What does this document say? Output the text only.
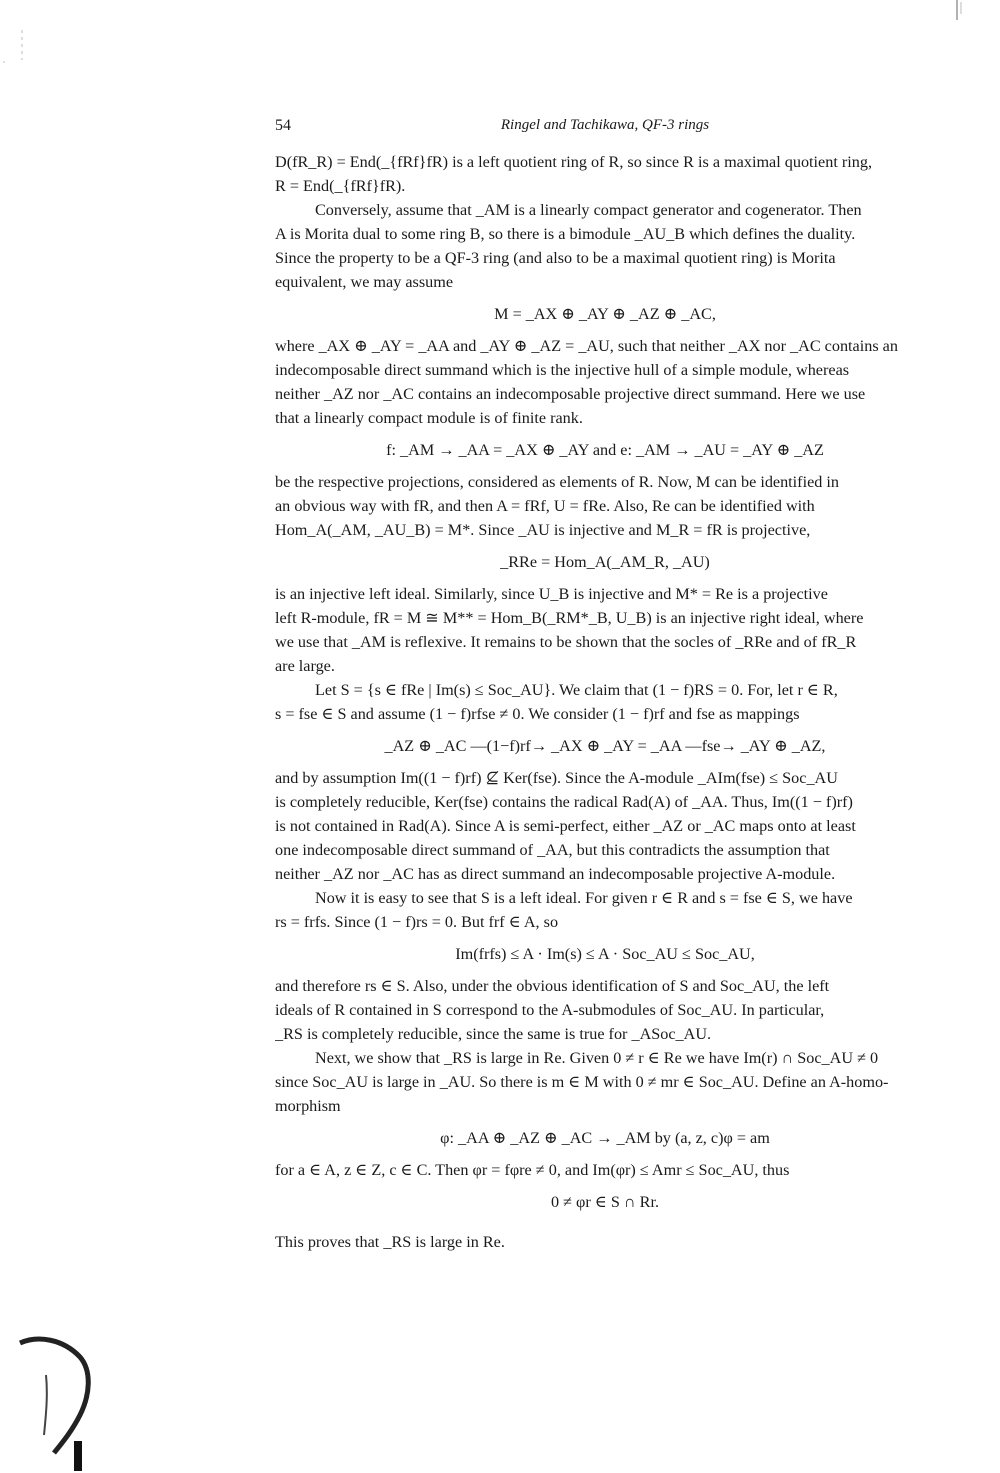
54	Ringel and Tachikawa, QF-3 rings
D(fR_R) = End(_{fRf}fR) is a left quotient ring of R, so since R is a maximal quotient ring,
R = End(_{fRf}fR).
Conversely, assume that _AM is a linearly compact generator and cogenerator. Then
A is Morita dual to some ring B, so there is a bimodule _AU_B which defines the duality.
Since the property to be a QF-3 ring (and also to be a maximal quotient ring) is Morita
equivalent, we may assume
M = _AX ⊕ _AY ⊕ _AZ ⊕ _AC,
where _AX ⊕ _AY = _AA and _AY ⊕ _AZ = _AU, such that neither _AX nor _AC contains an
indecomposable direct summand which is the injective hull of a simple module, whereas
neither _AZ nor _AC contains an indecomposable projective direct summand. Here we use
that a linearly compact module is of finite rank.
f: _AM → _AA = _AX ⊕ _AY and e: _AM → _AU = _AY ⊕ _AZ
be the respective projections, considered as elements of R. Now, M can be identified in
an obvious way with fR, and then A = fRf, U = fRe. Also, Re can be identified with
Hom_A(_AM, _AU_B) = M*. Since _AU is injective and M_R = fR is projective,
_RRe = Hom_A(_AM_R, _AU)
is an injective left ideal. Similarly, since U_B is injective and M* = Re is a projective
left R-module, fR = M ≅ M** = Hom_B(_RM*_B, U_B) is an injective right ideal, where
we use that _AM is reflexive. It remains to be shown that the socles of _RRe and of fR_R
are large.
Let S = {s ∈ fRe | Im(s) ≤ Soc_AU}. We claim that (1 − f)RS = 0. For, let r ∈ R,
s = fse ∈ S and assume (1 − f)rfse ≠ 0. We consider (1 − f)rf and fse as mappings
_AZ ⊕ _AC —(1−f)rf→ _AX ⊕ _AY = _AA —fse→ _AY ⊕ _AZ,
and by assumption Im((1 − f)rf) ⊈ Ker(fse). Since the A-module _AIm(fse) ≤ Soc_AU
is completely reducible, Ker(fse) contains the radical Rad(A) of _AA. Thus, Im((1 − f)rf)
is not contained in Rad(A). Since A is semi-perfect, either _AZ or _AC maps onto at least
one indecomposable direct summand of _AA, but this contradicts the assumption that
neither _AZ nor _AC has as direct summand an indecomposable projective A-module.
Now it is easy to see that S is a left ideal. For given r ∈ R and s = fse ∈ S, we have
rs = frfs. Since (1 − f)rs = 0. But frf ∈ A, so
Im(frfs) ≤ A · Im(s) ≤ A · Soc_AU ≤ Soc_AU,
and therefore rs ∈ S. Also, under the obvious identification of S and Soc_AU, the left
ideals of R contained in S correspond to the A-submodules of Soc_AU. In particular,
_RS is completely reducible, since the same is true for _ASoc_AU.
Next, we show that _RS is large in Re. Given 0 ≠ r ∈ Re we have Im(r) ∩ Soc_AU ≠ 0
since Soc_AU is large in _AU. So there is m ∈ M with 0 ≠ mr ∈ Soc_AU. Define an A-homo-
morphism
φ: _AA ⊕ _AZ ⊕ _AC → _AM by (a, z, c)φ = am
for a ∈ A, z ∈ Z, c ∈ C. Then φr = fφre ≠ 0, and Im(φr) ≤ Amr ≤ Soc_AU, thus
0 ≠ φr ∈ S ∩ Rr.
This proves that _RS is large in Re.
